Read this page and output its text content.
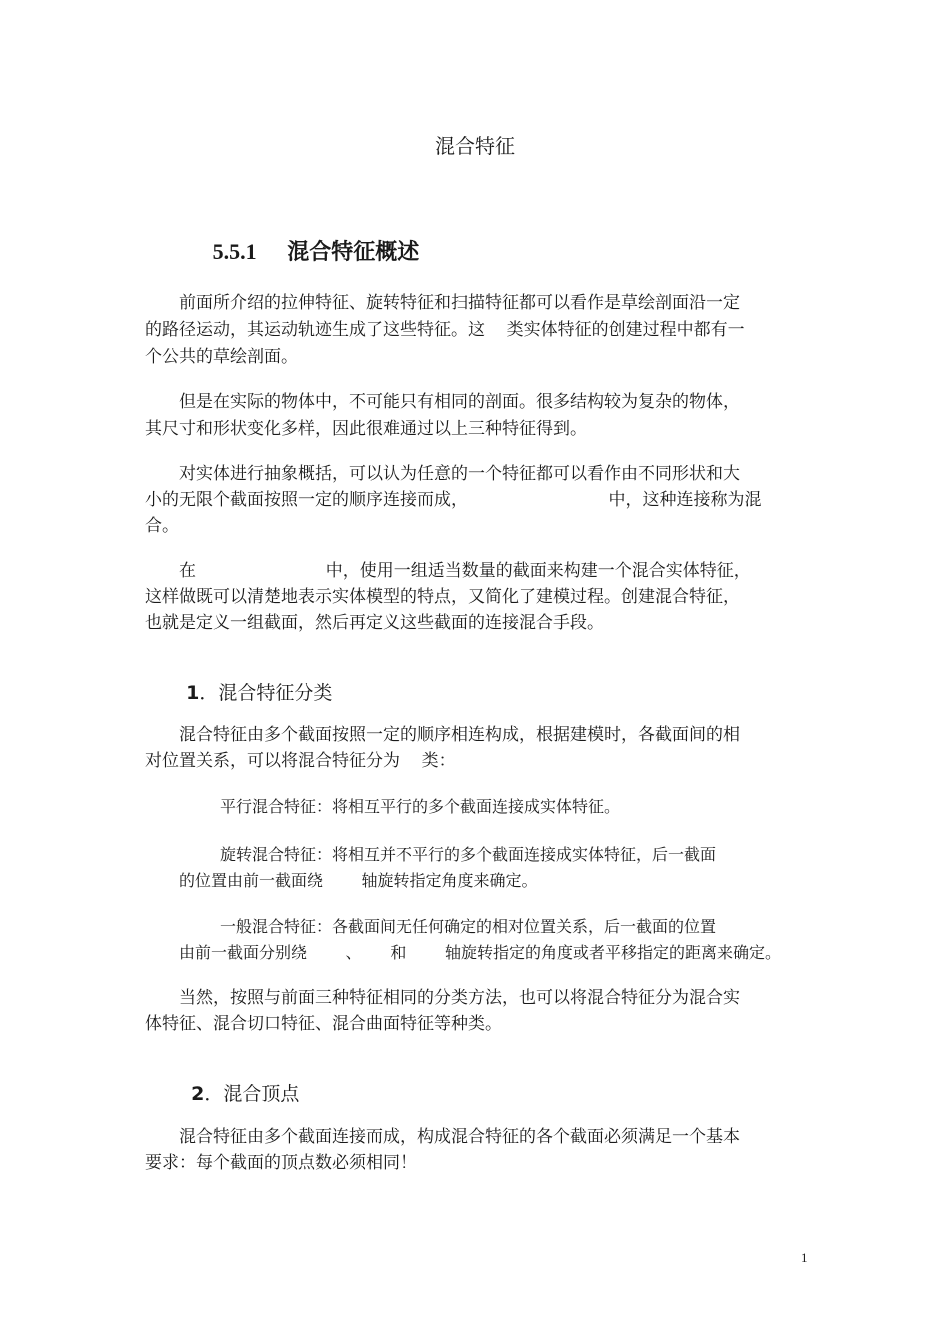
混合特征

5.5.1 混合特征概述

前面所介绍的拉伸特征、旋转特征和扫描特征都可以看作是草绘剖面沿一定
的路径运动，其运动轨迹生成了这些特征。这    类实体特征的创建过程中都有一
个公共的草绘剖面。
但是在实际的物体中，不可能只有相同的剖面。很多结构较为复杂的物体，
其尺寸和形状变化多样，因此很难通过以上三种特征得到。
对实体进行抽象概括，可以认为任意的一个特征都可以看作由不同形状和大
小的无限个截面按照一定的顺序连接而成，                          中，这种连接称为混
合。
在                        中，使用一组适当数量的截面来构建一个混合实体特征，
这样做既可以清楚地表示实体模型的特点，又简化了建模过程。创建混合特征，
也就是定义一组截面，然后再定义这些截面的连接混合手段。

1．混合特征分类

混合特征由多个截面按照一定的顺序相连构成，根据建模时，各截面间的相
对位置关系，可以将混合特征分为    类：
平行混合特征：将相互平行的多个截面连接成实体特征。
旋转混合特征：将相互并不平行的多个截面连接成实体特征，后一截面
的位置由前一截面绕    轴旋转指定角度来确定。
一般混合特征：各截面间无任何确定的相对位置关系，后一截面的位置
由前一截面分别绕    、   和    轴旋转指定的角度或者平移指定的距离来确定。
当然，按照与前面三种特征相同的分类方法，也可以将混合特征分为混合实
体特征、混合切口特征、混合曲面特征等种类。

2．混合顶点

混合特征由多个截面连接而成，构成混合特征的各个截面必须满足一个基本
要求：每个截面的顶点数必须相同！
1
